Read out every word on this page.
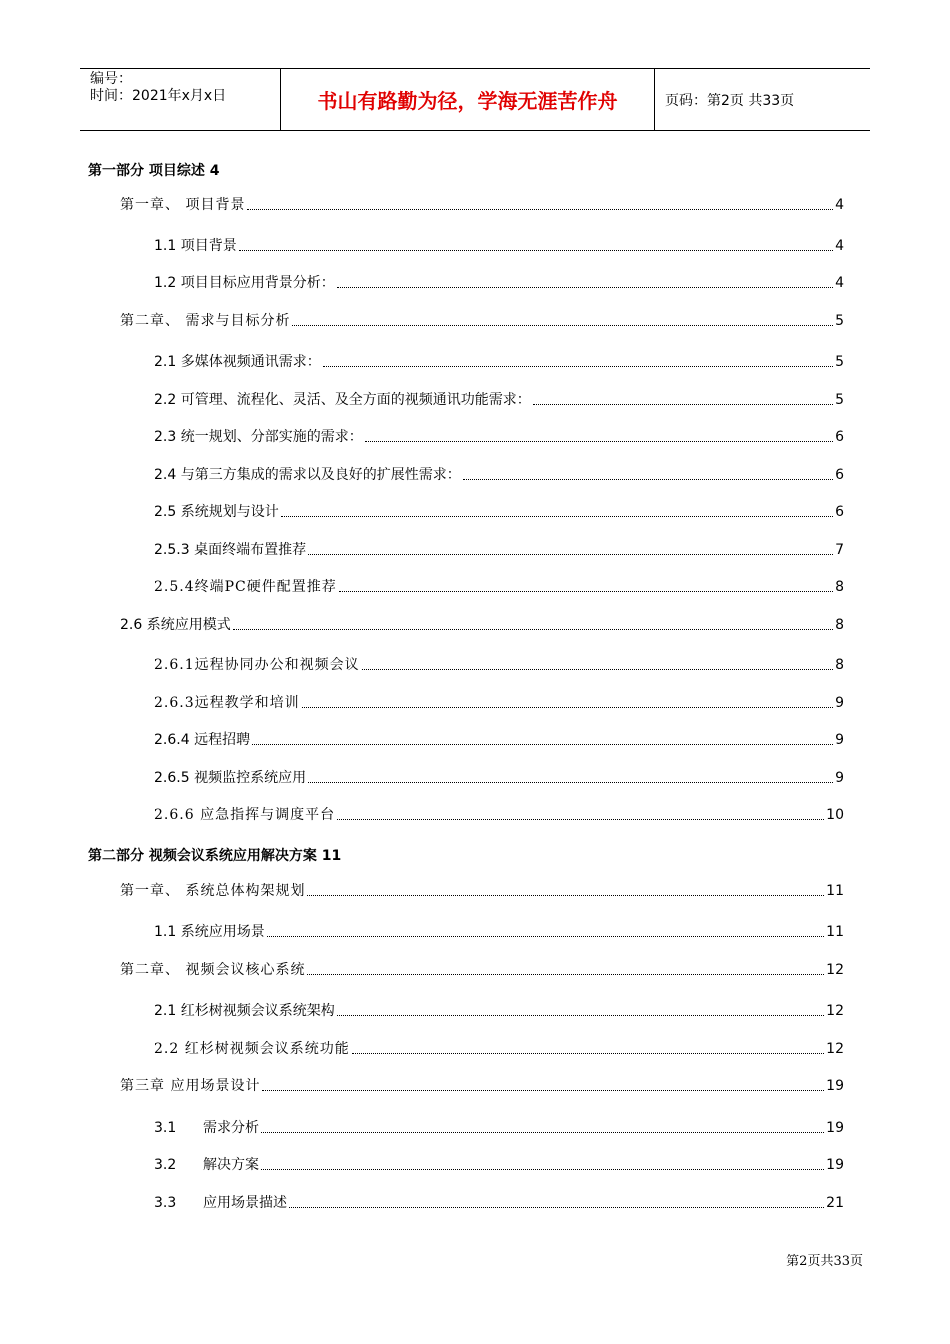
编号：
时间：2021年x月x日	书山有路勤为径，学海无涯苦作舟	页码：第2页 共33页
第一部分 项目综述 4
第一章、 项目背景	4
1.1 项目背景	4
1.2 项目目标应用背景分析：	4
第二章、 需求与目标分析	5
2.1 多媒体视频通讯需求：	5
2.2 可管理、流程化、灵活、及全方面的视频通讯功能需求：	5
2.3 统一规划、分部实施的需求：	6
2.4 与第三方集成的需求以及良好的扩展性需求：	6
2.5 系统规划与设计	6
2.5.3 桌面终端布置推荐	7
2.5.4终端PC硬件配置推荐	8
2.6 系统应用模式	8
2.6.1远程协同办公和视频会议	8
2.6.3远程教学和培训	9
2.6.4 远程招聘	9
2.6.5 视频监控系统应用	9
2.6.6 应急指挥与调度平台	10
第二部分 视频会议系统应用解决方案 11
第一章、 系统总体构架规划	11
1.1 系统应用场景	11
第二章、 视频会议核心系统	12
2.1 红杉树视频会议系统架构	12
2.2 红杉树视频会议系统功能	12
第三章 应用场景设计	19
3.1      需求分析	19
3.2      解决方案	19
3.3      应用场景描述	21
第2页共33页
